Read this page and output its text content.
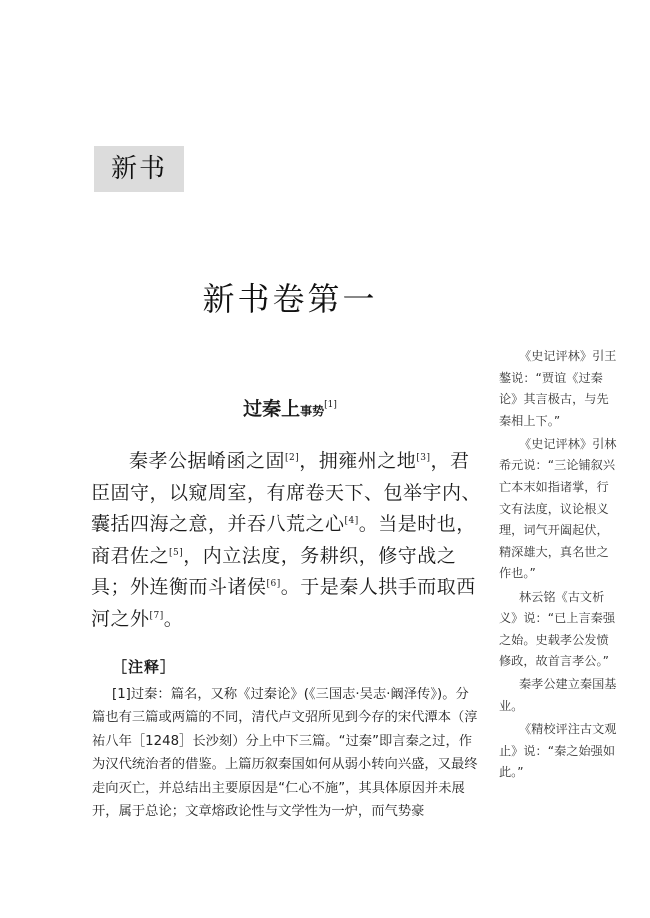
新书
新书卷第一
过秦上事势[1]

秦孝公据崤函之固[2]，拥雍州之地[3]，君臣固守，以窥周室，有席卷天下、包举宇内、囊括四海之意，并吞八荒之心[4]。当是时也，商君佐之[5]，内立法度，务耕织，修守战之具；外连衡而斗诸侯[6]。于是秦人拱手而取西河之外[7]。

［注释］

[1]过秦：篇名，又称《过秦论》(《三国志·吴志·阚泽传》)。分篇也有三篇或两篇的不同，清代卢文弨所见到今存的宋代潭本（淳祐八年［1248］长沙刻）分上中下三篇。“过秦”即言秦之过，作为汉代统治者的借鉴。上篇历叙秦国如何从弱小转向兴盛，又最终走向灭亡，并总结出主要原因是“仁心不施”，其具体原因并未展开，属于总论；文章熔政论性与文学性为一炉，而气势豪

《史记评林》引王鏊说：“贾谊《过秦论》其言极古，与先秦相上下。”

《史记评林》引林希元说：“三论铺叙兴亡本末如指诸掌，行文有法度，议论根义理，词气开阖起伏，精深雄大，真名世之作也。”

林云铭《古文析义》说：“已上言秦强之始。史载孝公发愤修政，故首言孝公。”

秦孝公建立秦国基业。

《精校评注古文观止》说：“秦之始强如此。”
